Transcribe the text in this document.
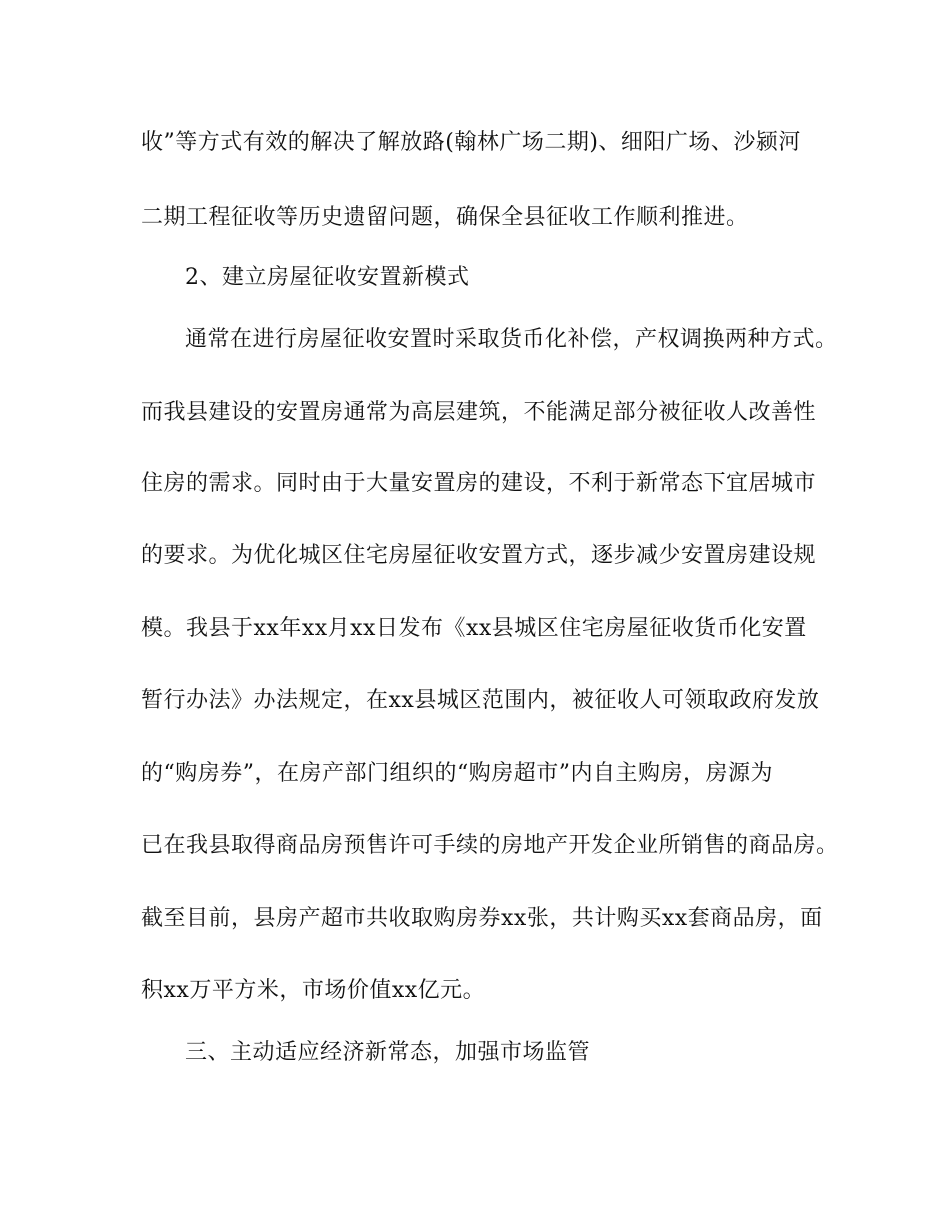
收”等方式有效的解决了解放路(翰林广场二期)、细阳广场、沙颍河
二期工程征收等历史遗留问题，确保全县征收工作顺利推进。
2、建立房屋征收安置新模式
通常在进行房屋征收安置时采取货币化补偿，产权调换两种方式。
而我县建设的安置房通常为高层建筑，不能满足部分被征收人改善性
住房的需求。同时由于大量安置房的建设，不利于新常态下宜居城市
的要求。为优化城区住宅房屋征收安置方式，逐步减少安置房建设规
模。我县于xx年xx月xx日发布《xx县城区住宅房屋征收货币化安置
暂行办法》办法规定，在xx县城区范围内，被征收人可领取政府发放
的“购房券”，在房产部门组织的“购房超市”内自主购房，房源为
已在我县取得商品房预售许可手续的房地产开发企业所销售的商品房。
截至目前，县房产超市共收取购房券xx张，共计购买xx套商品房，面
积xx万平方米，市场价值xx亿元。
三、主动适应经济新常态，加强市场监管
